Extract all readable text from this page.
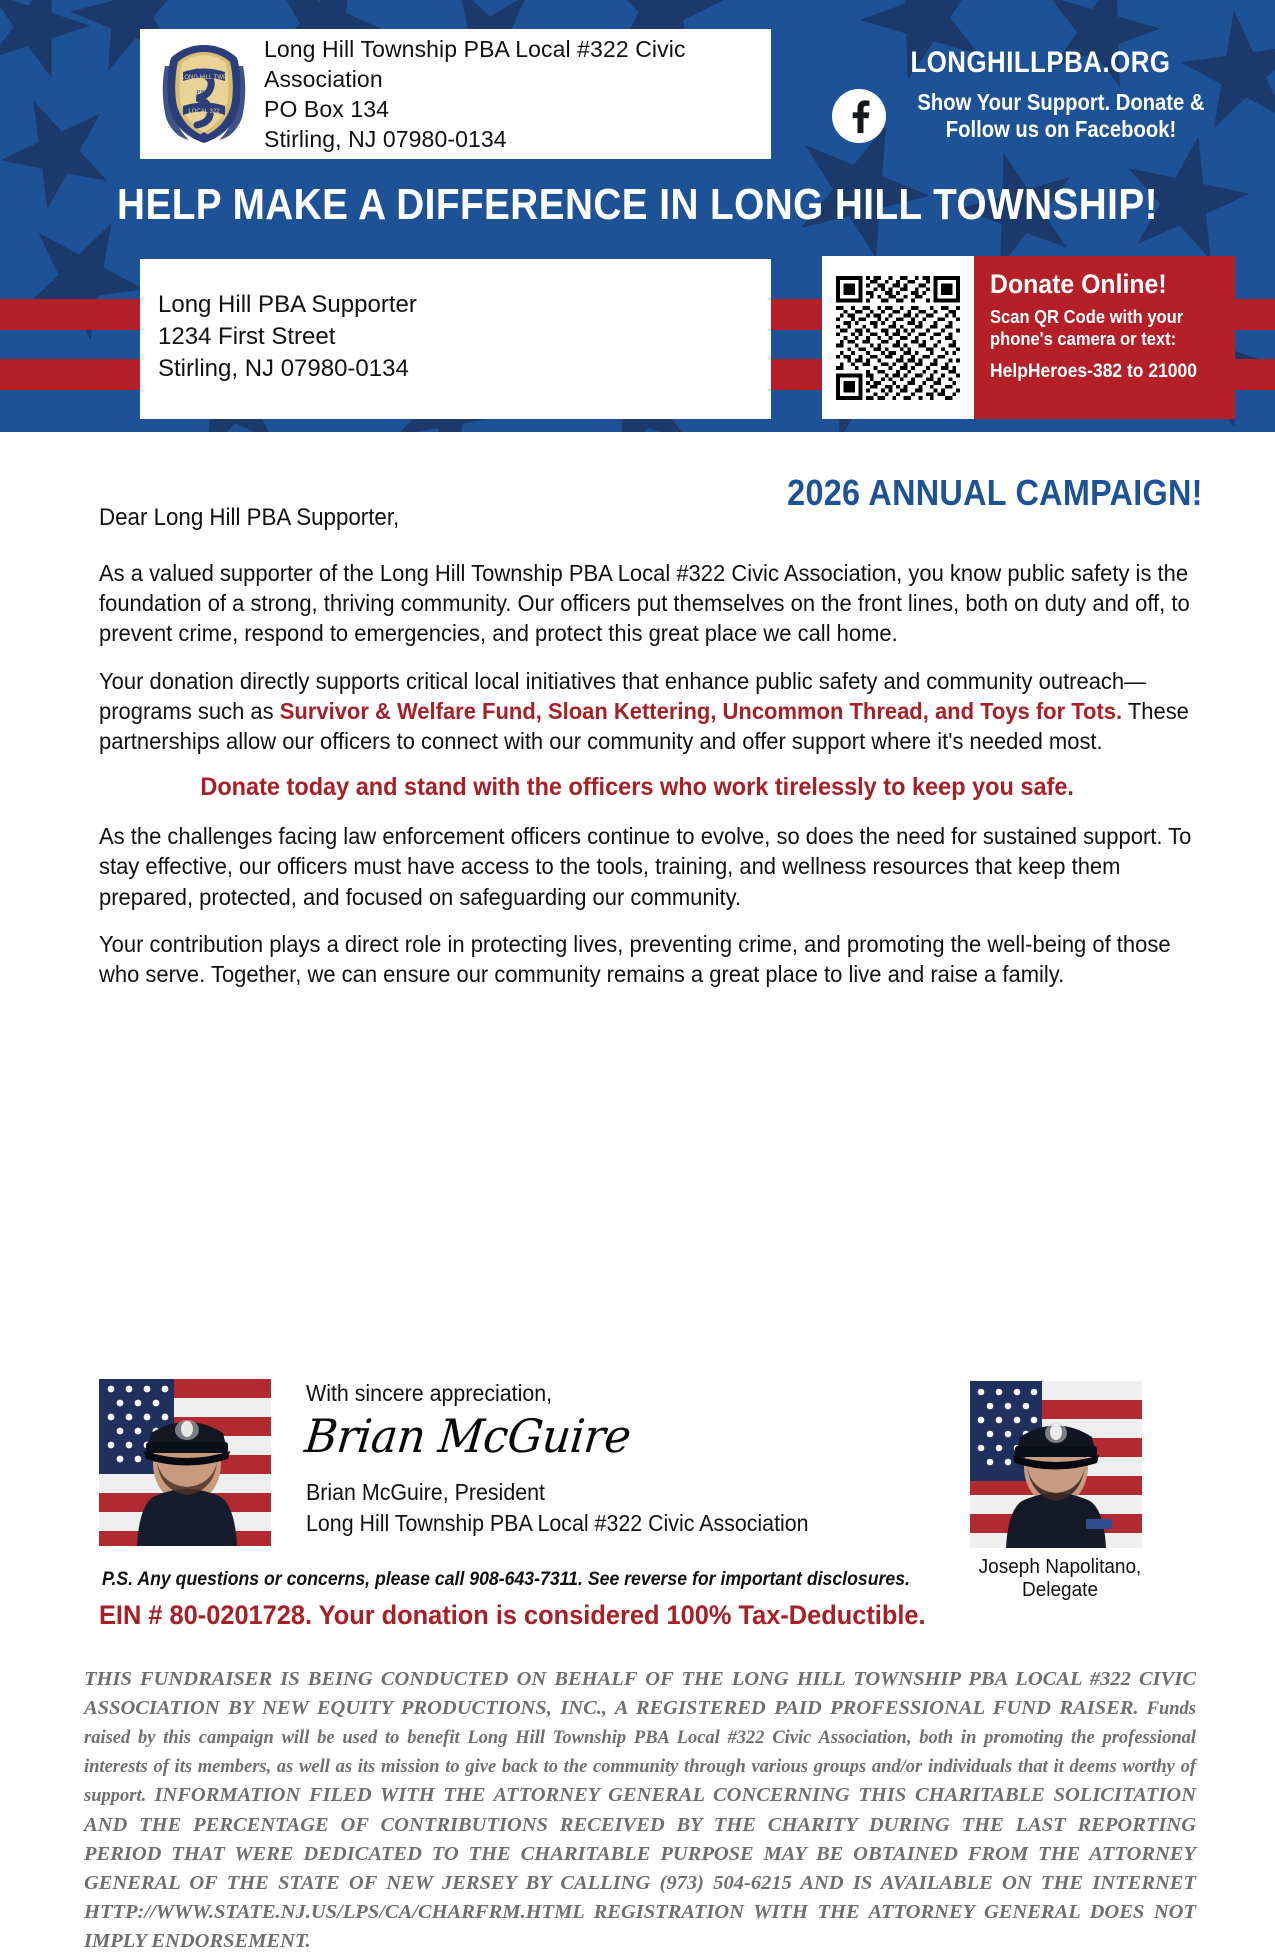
LONG HILL TWP
P.B.A.
LOCAL 322
Long Hill Township PBA Local #322 Civic
Association
PO Box 134
Stirling, NJ 07980-0134
LONGHILLPBA.ORG
Show Your Support. Donate &
Follow us on Facebook!
HELP MAKE A DIFFERENCE IN LONG HILL TOWNSHIP!
Long Hill PBA Supporter
1234 First Street
Stirling, NJ 07980-0134
Donate Online!
Scan QR Code with your
phone's camera or text:
HelpHeroes-382 to 21000
2026 ANNUAL CAMPAIGN!
Dear Long Hill PBA Supporter,

As a valued supporter of the Long Hill Township PBA Local #322 Civic Association, you know public safety is the foundation of a strong, thriving community. Our officers put themselves on the front lines, both on duty and off, to prevent crime, respond to emergencies, and protect this great place we call home.

Your donation directly supports critical local initiatives that enhance public safety and community outreach—programs such as Survivor & Welfare Fund, Sloan Kettering, Uncommon Thread, and Toys for Tots. These partnerships allow our officers to connect with our community and offer support where it's needed most.

Donate today and stand with the officers who work tirelessly to keep you safe.

As the challenges facing law enforcement officers continue to evolve, so does the need for sustained support. To stay effective, our officers must have access to the tools, training, and wellness resources that keep them prepared, protected, and focused on safeguarding our community.

Your contribution plays a direct role in protecting lives, preventing crime, and promoting the well-being of those who serve. Together, we can ensure our community remains a great place to live and raise a family.

Joseph Napolitano, Delegate
With sincere appreciation,
Brian McGuire
Brian McGuire, President
Long Hill Township PBA Local #322 Civic Association
P.S. Any questions or concerns, please call 908-643-7311. See reverse for important disclosures.
EIN # 80-0201728. Your donation is considered 100% Tax-Deductible.
THIS FUNDRAISER IS BEING CONDUCTED ON BEHALF OF THE LONG HILL TOWNSHIP PBA LOCAL #322 CIVIC ASSOCIATION BY NEW EQUITY PRODUCTIONS, INC., A REGISTERED PAID PROFESSIONAL FUND RAISER. Funds raised by this campaign will be used to benefit Long Hill Township PBA Local #322 Civic Association, both in promoting the professional interests of its members, as well as its mission to give back to the community through various groups and/or individuals that it deems worthy of support. INFORMATION FILED WITH THE ATTORNEY GENERAL CONCERNING THIS CHARITABLE SOLICITATION AND THE PERCENTAGE OF CONTRIBUTIONS RECEIVED BY THE CHARITY DURING THE LAST REPORTING PERIOD THAT WERE DEDICATED TO THE CHARITABLE PURPOSE MAY BE OBTAINED FROM THE ATTORNEY GENERAL OF THE STATE OF NEW JERSEY BY CALLING (973) 504-6215 AND IS AVAILABLE ON THE INTERNET HTTP://WWW.STATE.NJ.US/LPS/CA/CHARFRM.HTML REGISTRATION WITH THE ATTORNEY GENERAL DOES NOT IMPLY ENDORSEMENT.
